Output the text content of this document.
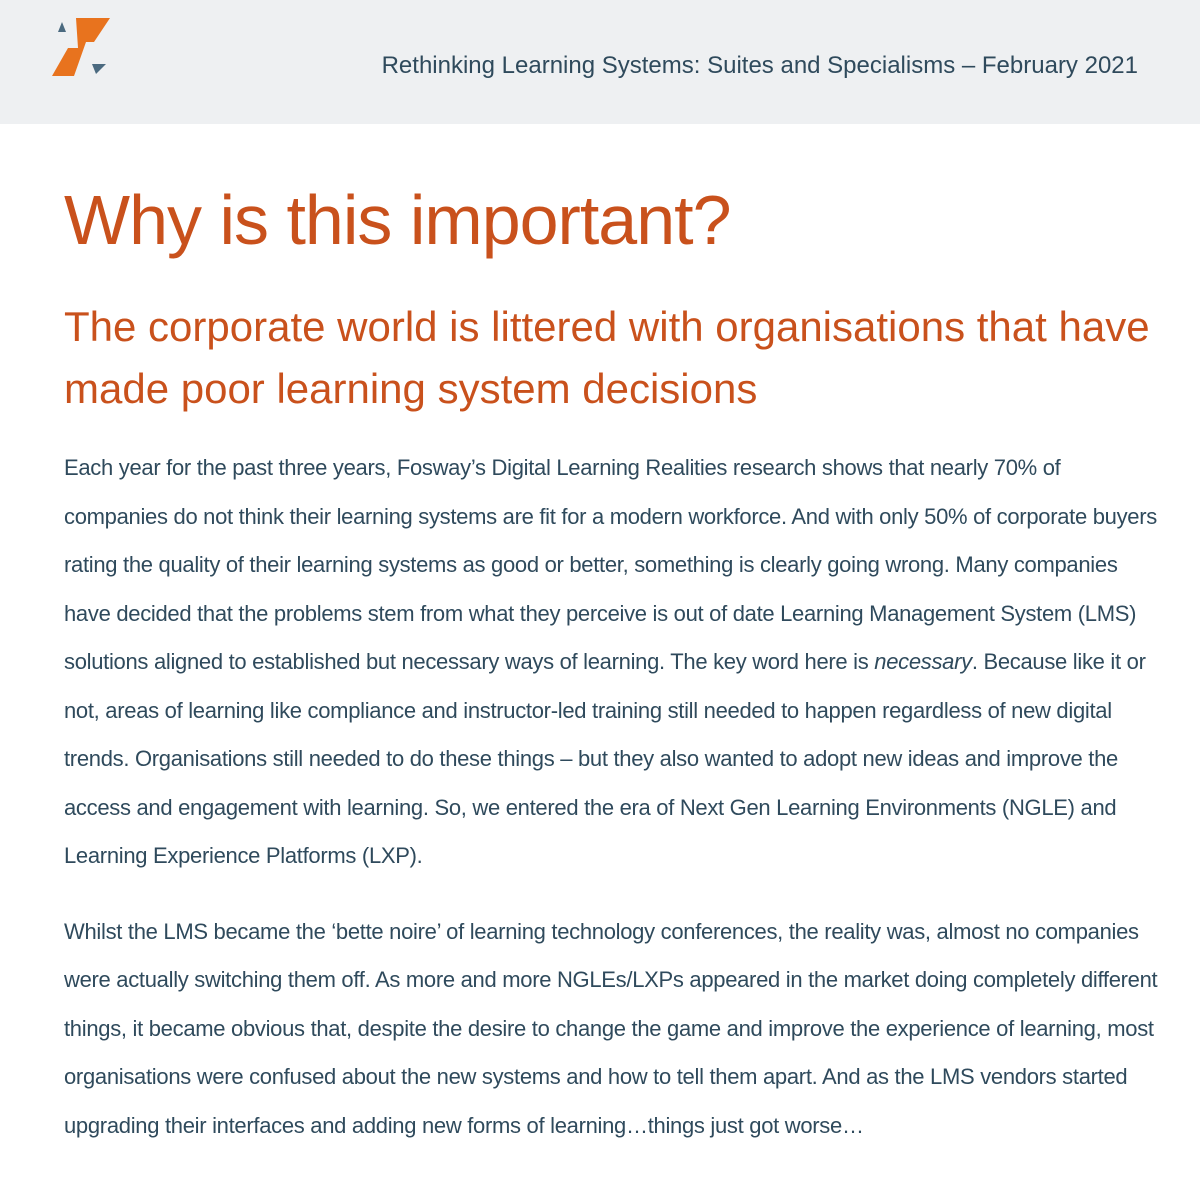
Rethinking Learning Systems: Suites and Specialisms – February 2021
Why is this important?
The corporate world is littered with organisations that have made poor learning system decisions

Each year for the past three years, Fosway’s Digital Learning Realities research shows that nearly 70% of companies do not think their learning systems are fit for a modern workforce. And with only 50% of corporate buyers rating the quality of their learning systems as good or better, something is clearly going wrong. Many companies have decided that the problems stem from what they perceive is out of date Learning Management System (LMS) solutions aligned to established but necessary ways of learning. The key word here is necessary. Because like it or not, areas of learning like compliance and instructor-led training still needed to happen regardless of new digital trends. Organisations still needed to do these things – but they also wanted to adopt new ideas and improve the access and engagement with learning. So, we entered the era of Next Gen Learning Environments (NGLE) and Learning Experience Platforms (LXP).

Whilst the LMS became the ‘bette noire’ of learning technology conferences, the reality was, almost no companies were actually switching them off. As more and more NGLEs/LXPs appeared in the market doing completely different things, it became obvious that, despite the desire to change the game and improve the experience of learning, most organisations were confused about the new systems and how to tell them apart. And as the LMS vendors started upgrading their interfaces and adding new forms of learning…things just got worse…
